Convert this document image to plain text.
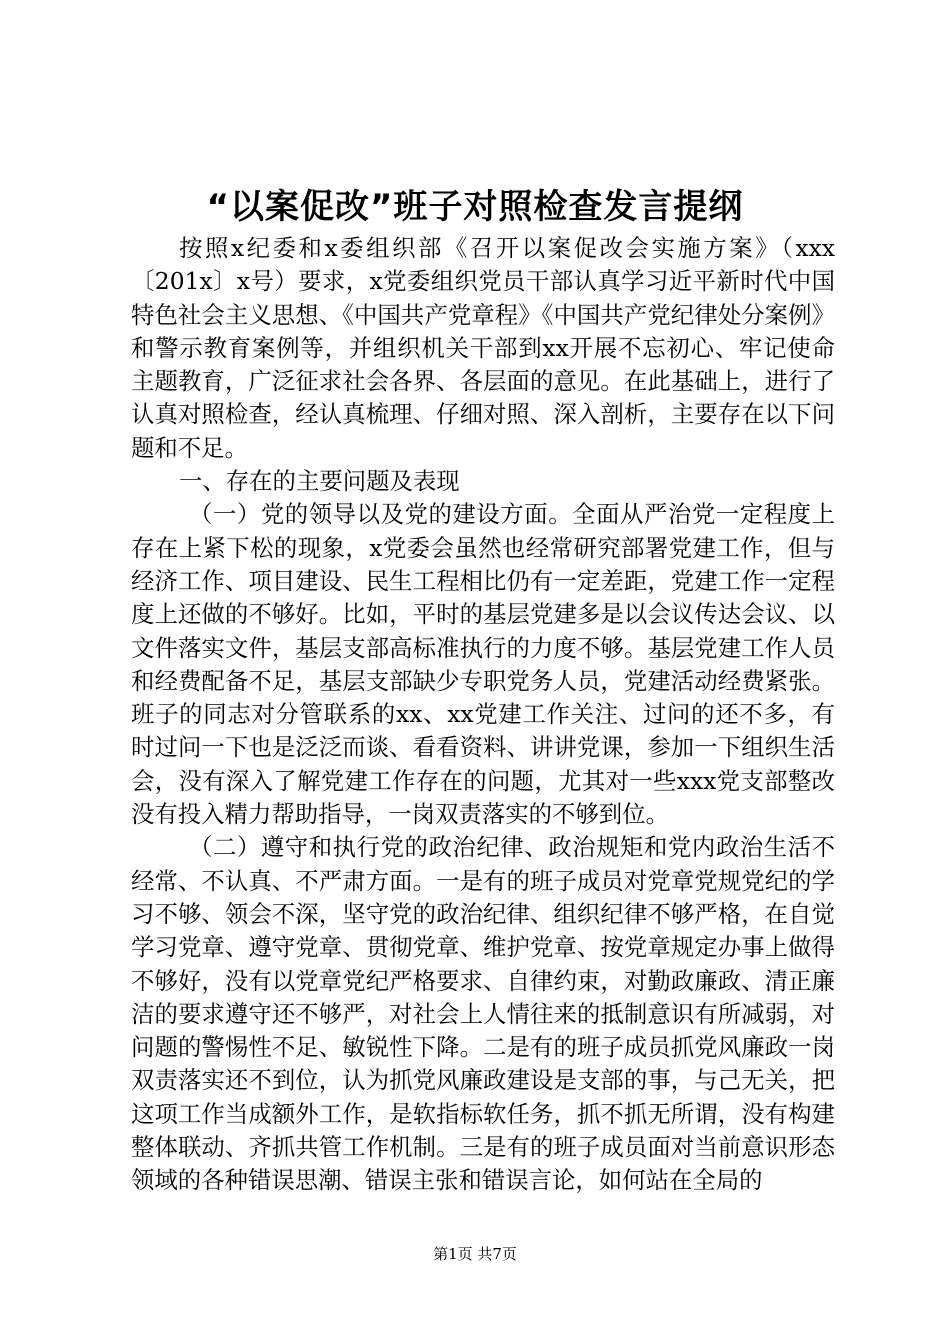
“以案促改”班子对照检查发言提纲

按照x纪委和x委组织部《召开以案促改会实施方案》（xxx〔201x〕x号）要求，x党委组织党员干部认真学习近平新时代中国特色社会主义思想、《中国共产党章程》《中国共产党纪律处分案例》和警示教育案例等，并组织机关干部到xx开展不忘初心、牢记使命主题教育，广泛征求社会各界、各层面的意见。在此基础上，进行了认真对照检查，经认真梳理、仔细对照、深入剖析，主要存在以下问题和不足。

一、存在的主要问题及表现

（一）党的领导以及党的建设方面。全面从严治党一定程度上存在上紧下松的现象，x党委会虽然也经常研究部署党建工作，但与经济工作、项目建设、民生工程相比仍有一定差距，党建工作一定程度上还做的不够好。比如，平时的基层党建多是以会议传达会议、以文件落实文件，基层支部高标准执行的力度不够。基层党建工作人员和经费配备不足，基层支部缺少专职党务人员，党建活动经费紧张。班子的同志对分管联系的xx、xx党建工作关注、过问的还不多，有时过问一下也是泛泛而谈、看看资料、讲讲党课，参加一下组织生活会，没有深入了解党建工作存在的问题，尤其对一些xxx党支部整改没有投入精力帮助指导，一岗双责落实的不够到位。

（二）遵守和执行党的政治纪律、政治规矩和党内政治生活不经常、不认真、不严肃方面。一是有的班子成员对党章党规党纪的学习不够、领会不深，坚守党的政治纪律、组织纪律不够严格，在自觉学习党章、遵守党章、贯彻党章、维护党章、按党章规定办事上做得不够好，没有以党章党纪严格要求、自律约束，对勤政廉政、清正廉洁的要求遵守还不够严，对社会上人情往来的抵制意识有所减弱，对问题的警惕性不足、敏锐性下降。二是有的班子成员抓党风廉政一岗双责落实还不到位，认为抓党风廉政建设是支部的事，与己无关，把这项工作当成额外工作，是软指标软任务，抓不抓无所谓，没有构建整体联动、齐抓共管工作机制。三是有的班子成员面对当前意识形态领域的各种错误思潮、错误主张和错误言论，如何站在全局的

第1页 共7页
